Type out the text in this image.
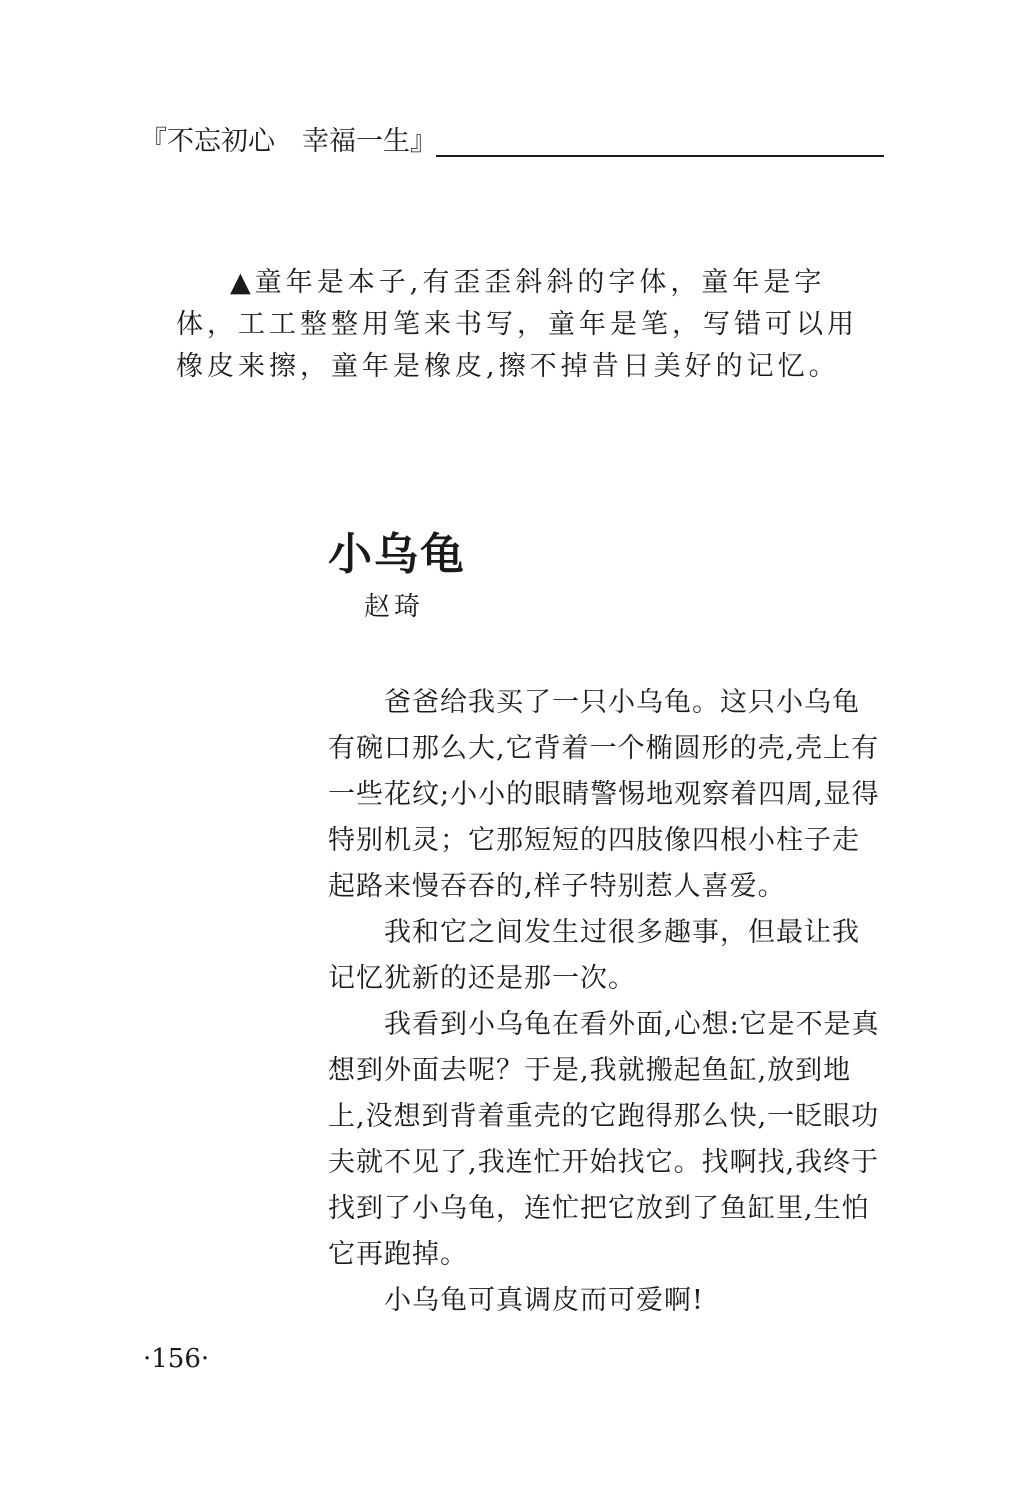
『不忘初心　幸福一生』

▲童年是本子,有歪歪斜斜的字体，童年是字体，工工整整用笔来书写，童年是笔，写错可以用橡皮来擦，童年是橡皮,擦不掉昔日美好的记忆。

小乌龟
赵琦

爸爸给我买了一只小乌龟。这只小乌龟有碗口那么大,它背着一个椭圆形的壳,壳上有一些花纹;小小的眼睛警惕地观察着四周,显得特别机灵；它那短短的四肢像四根小柱子走起路来慢吞吞的,样子特别惹人喜爱。

我和它之间发生过很多趣事，但最让我记忆犹新的还是那一次。

我看到小乌龟在看外面,心想:它是不是真想到外面去呢？于是,我就搬起鱼缸,放到地上,没想到背着重壳的它跑得那么快,一眨眼功夫就不见了,我连忙开始找它。找啊找,我终于找到了小乌龟，连忙把它放到了鱼缸里,生怕它再跑掉。

小乌龟可真调皮而可爱啊!

·156·
